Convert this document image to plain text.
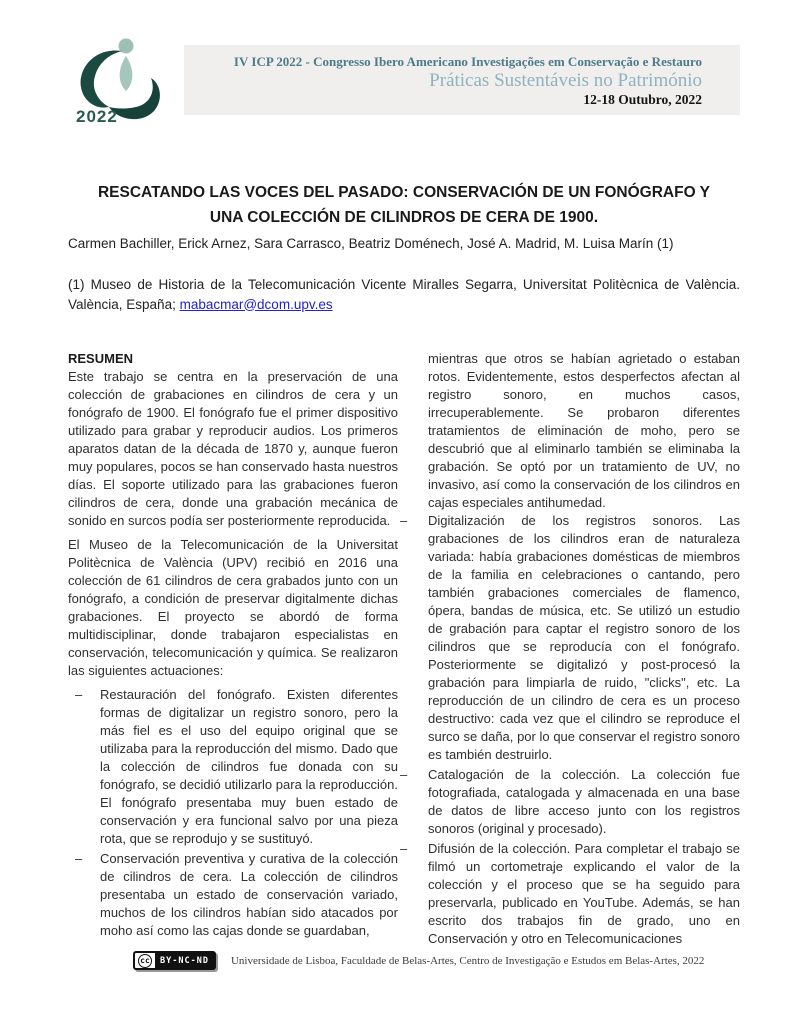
2022
IV ICP 2022 - Congresso Ibero Americano Investigações em Conservação e Restauro
Práticas Sustentáveis no Património
12-18 Outubro, 2022
RESCATANDO LAS VOCES DEL PASADO: CONSERVACIÓN DE UN FONÓGRAFO Y
UNA COLECCIÓN DE CILINDROS DE CERA DE 1900.
Carmen Bachiller, Erick Arnez, Sara Carrasco, Beatriz Doménech, José A. Madrid, M. Luisa Marín (1)
(1) Museo de Historia de la Telecomunicación Vicente Miralles Segarra, Universitat Politècnica de València. València, España; mabacmar@dcom.upv.es

RESUMEN

Este trabajo se centra en la preservación de una colección de grabaciones en cilindros de cera y un fonógrafo de 1900. El fonógrafo fue el primer dispositivo utilizado para grabar y reproducir audios. Los primeros aparatos datan de la década de 1870 y, aunque fueron muy populares, pocos se han conservado hasta nuestros días. El soporte utilizado para las grabaciones fueron cilindros de cera, donde una grabación mecánica de sonido en surcos podía ser posteriormente reproducida.

El Museo de la Telecomunicación de la Universitat Politècnica de València (UPV) recibió en 2016 una colección de 61 cilindros de cera grabados junto con un fonógrafo, a condición de preservar digitalmente dichas grabaciones. El proyecto se abordó de forma multidisciplinar, donde trabajaron especialistas en conservación, telecomunicación y química. Se realizaron las siguientes actuaciones:

– Restauración del fonógrafo. Existen diferentes formas de digitalizar un registro sonoro, pero la más fiel es el uso del equipo original que se utilizaba para la reproducción del mismo. Dado que la colección de cilindros fue donada con su fonógrafo, se decidió utilizarlo para la reproducción. El fonógrafo presentaba muy buen estado de conservación y era funcional salvo por una pieza rota, que se reprodujo y se sustituyó.
– Conservación preventiva y curativa de la colección de cilindros de cera. La colección de cilindros presentaba un estado de conservación variado, muchos de los cilindros habían sido atacados por moho así como las cajas donde se guardaban,

mientras que otros se habían agrietado o estaban rotos. Evidentemente, estos desperfectos afectan al registro sonoro, en muchos casos, irrecuperablemente. Se probaron diferentes tratamientos de eliminación de moho, pero se descubrió que al eliminarlo también se eliminaba la grabación. Se optó por un tratamiento de UV, no invasivo, así como la conservación de los cilindros en cajas especiales antihumedad.

– Digitalización de los registros sonoros. Las grabaciones de los cilindros eran de naturaleza variada: había grabaciones domésticas de miembros de la familia en celebraciones o cantando, pero también grabaciones comerciales de flamenco, ópera, bandas de música, etc. Se utilizó un estudio de grabación para captar el registro sonoro de los cilindros que se reproducía con el fonógrafo. Posteriormente se digitalizó y post-procesó la grabación para limpiarla de ruido, "clicks", etc. La reproducción de un cilindro de cera es un proceso destructivo: cada vez que el cilindro se reproduce el surco se daña, por lo que conservar el registro sonoro es también destruirlo.
– Catalogación de la colección. La colección fue fotografiada, catalogada y almacenada en una base de datos de libre acceso junto con los registros sonoros (original y procesado).
– Difusión de la colección. Para completar el trabajo se filmó un cortometraje explicando el valor de la colección y el proceso que se ha seguido para preservarla, publicado en YouTube. Además, se han escrito dos trabajos fin de grado, uno en Conservación y otro en Telecomunicaciones
cc	BY-NC-ND	Universidade de Lisboa, Faculdade de Belas-Artes, Centro de Investigação e Estudos em Belas-Artes, 2022
